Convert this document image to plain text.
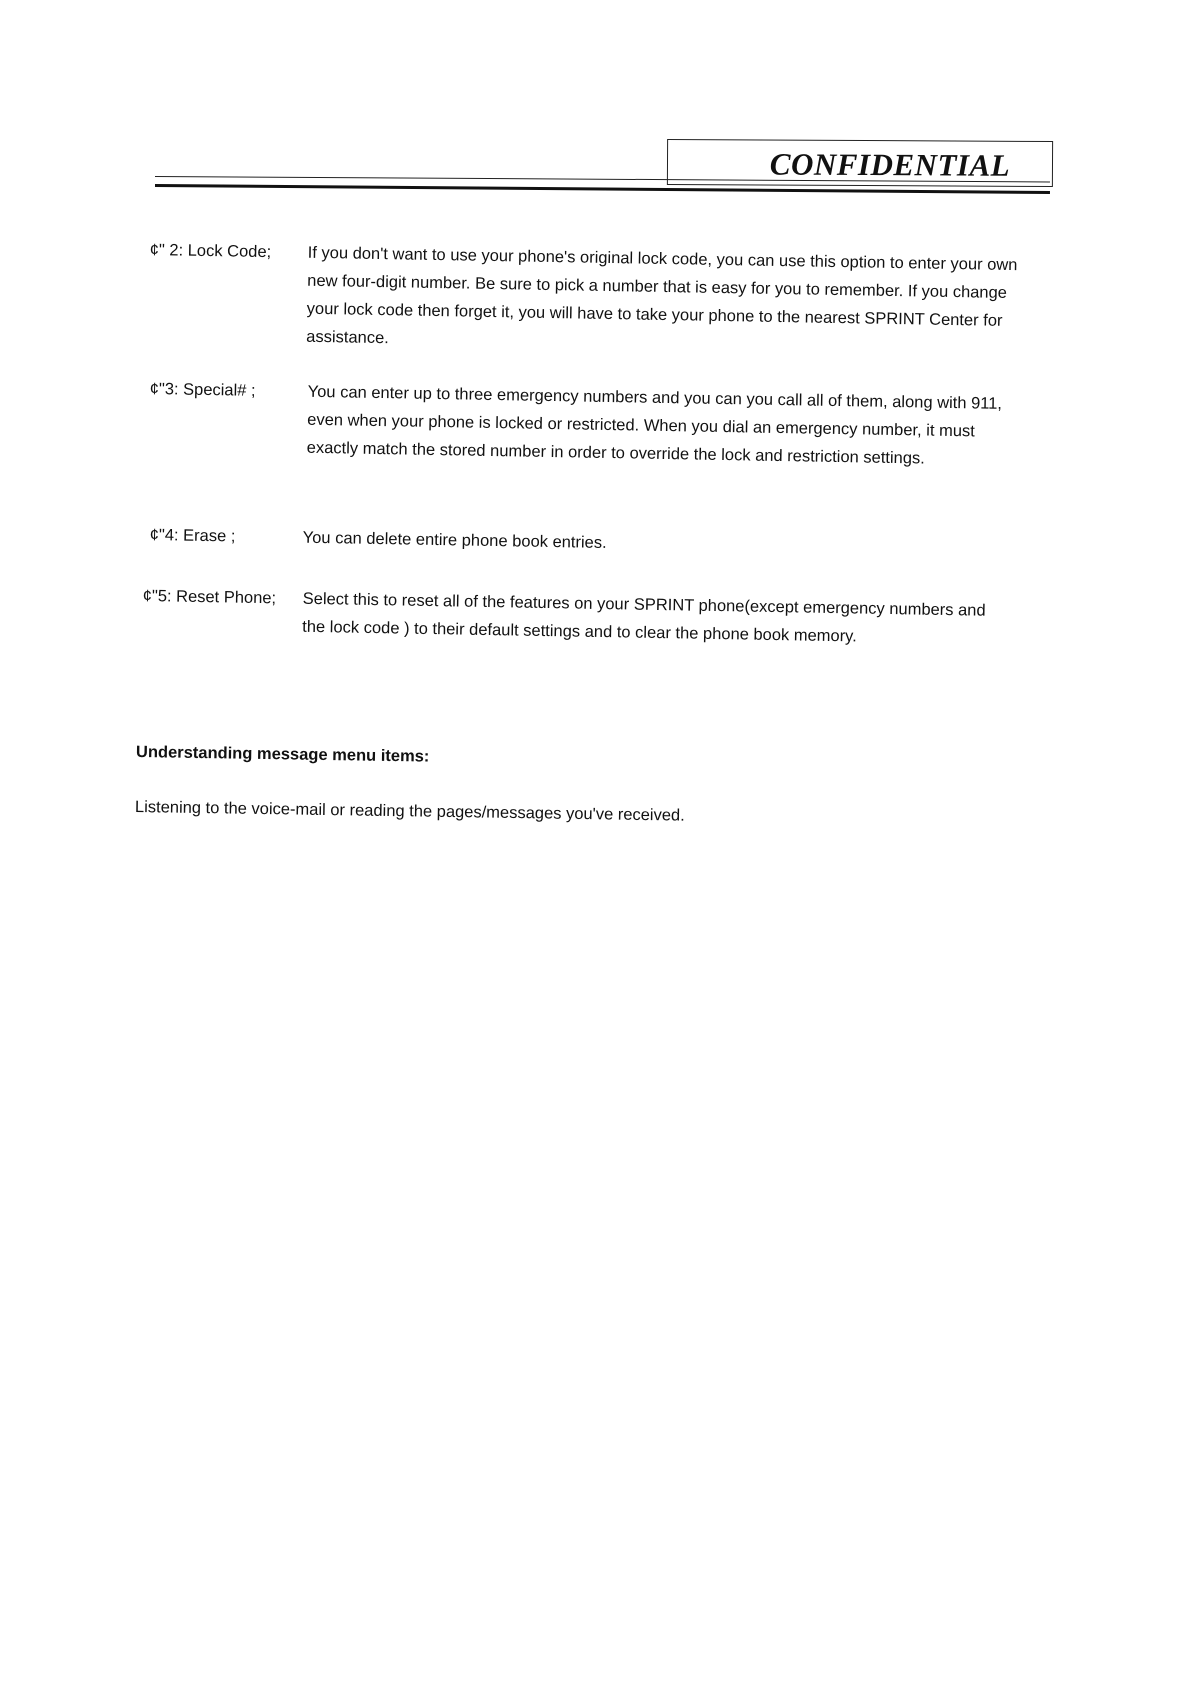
CONFIDENTIAL
¢" 2: Lock Code; If you don't want to use your phone's original lock code, you can use this option to enter your own new four-digit number. Be sure to pick a number that is easy for you to remember. If you change your lock code then forget it, you will have to take your phone to the nearest SPRINT Center for assistance.
¢"3: Special# ;	You can enter up to three emergency numbers and you can you call all of them, along with 911, even when your phone is locked or restricted. When you dial an emergency number, it must exactly match the stored number in order to override the lock and restriction settings.
¢"4: Erase ;	You can delete entire phone book entries.
¢"5: Reset Phone; Select this to reset all of the features on your SPRINT phone(except emergency numbers and the lock code ) to their default settings and to clear the phone book memory.
Understanding message menu items:
Listening to the voice-mail or reading the pages/messages you've received.
